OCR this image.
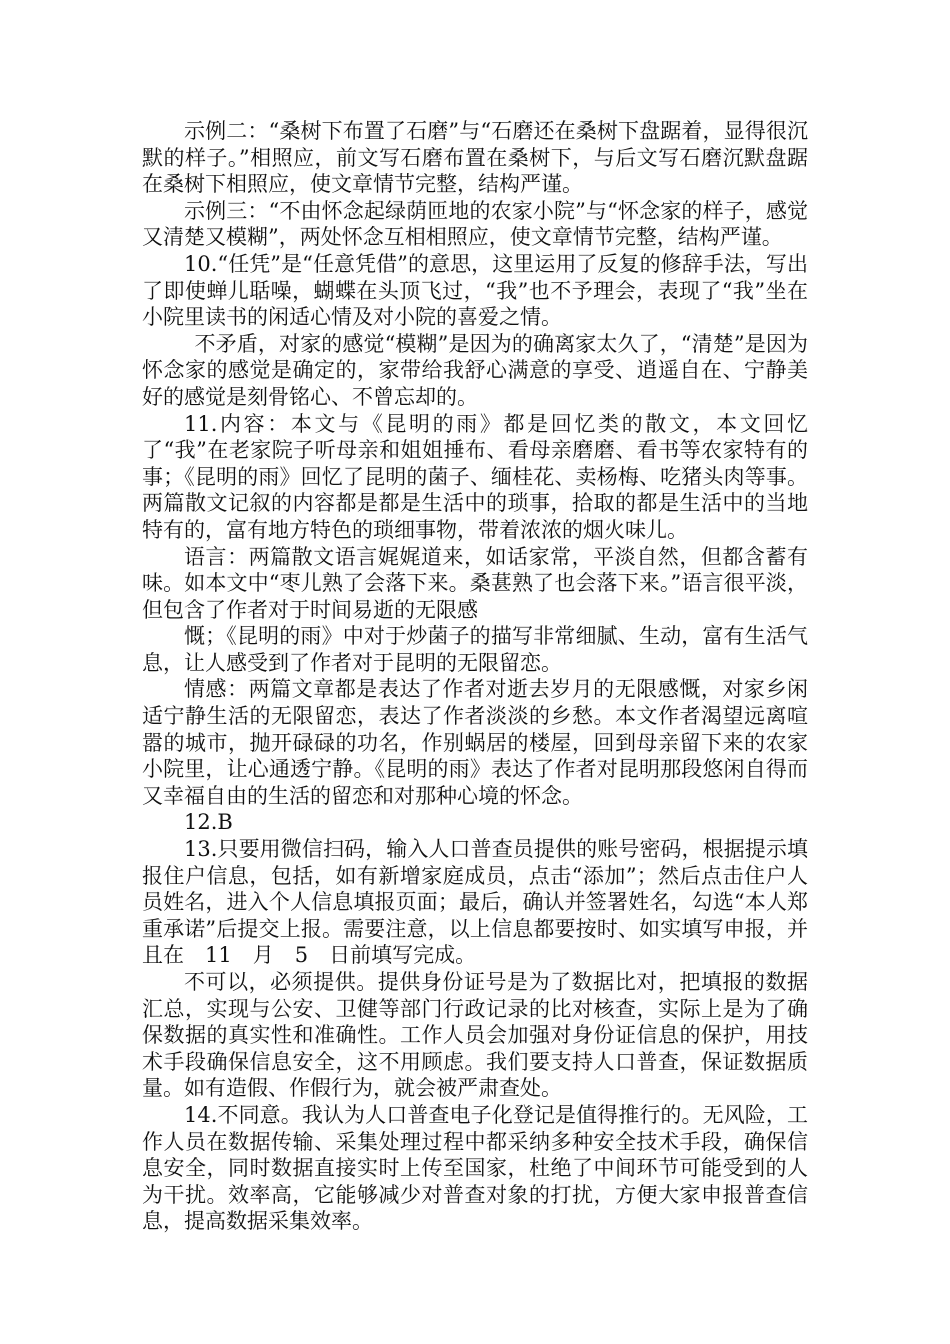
示例二：“桑树下布置了石磨”与“石磨还在桑树下盘踞着，显得很沉默的样子。”相照应，前文写石磨布置在桑树下，与后文写石磨沉默盘踞在桑树下相照应，使文章情节完整，结构严谨。

示例三：“不由怀念起绿荫匝地的农家小院”与“怀念家的样子，感觉又清楚又模糊”，两处怀念互相相照应，使文章情节完整，结构严谨。

10.“任凭”是“任意凭借”的意思，这里运用了反复的修辞手法，写出了即使蝉儿聒噪，蝴蝶在头顶飞过，“我”也不予理会，表现了“我”坐在小院里读书的闲适心情及对小院的喜爱之情。

不矛盾，对家的感觉“模糊”是因为的确离家太久了，“清楚”是因为怀念家的感觉是确定的，家带给我舒心满意的享受、逍遥自在、宁静美好的感觉是刻骨铭心、不曾忘却的。

11.内容：本文与《昆明的雨》都是回忆类的散文，本文回忆了“我”在老家院子听母亲和姐姐捶布、看母亲磨磨、看书等农家特有的事；《昆明的雨》回忆了昆明的菌子、缅桂花、卖杨梅、吃猪头肉等事。两篇散文记叙的内容都是都是生活中的琐事，拾取的都是生活中的当地特有的，富有地方特色的琐细事物，带着浓浓的烟火味儿。

语言：两篇散文语言娓娓道来，如话家常，平淡自然，但都含蓄有味。如本文中“枣儿熟了会落下来。桑葚熟了也会落下来。”语言很平淡，但包含了作者对于时间易逝的无限感

慨；《昆明的雨》中对于炒菌子的描写非常细腻、生动，富有生活气息，让人感受到了作者对于昆明的无限留恋。

情感：两篇文章都是表达了作者对逝去岁月的无限感慨，对家乡闲适宁静生活的无限留恋，表达了作者淡淡的乡愁。本文作者渴望远离喧嚣的城市，抛开碌碌的功名，作别蜗居的楼屋，回到母亲留下来的农家小院里，让心通透宁静。《昆明的雨》表达了作者对昆明那段悠闲自得而又幸福自由的生活的留恋和对那种心境的怀念。

12.B

13.只要用微信扫码，输入人口普查员提供的账号密码，根据提示填报住户信息，包括，如有新增家庭成员，点击“添加”；然后点击住户人员姓名，进入个人信息填报页面；最后，确认并签署姓名，勾选“本人郑重承诺”后提交上报。需要注意，以上信息都要按时、如实填写申报，并且在　11　月　5　日前填写完成。

不可以，必须提供。提供身份证号是为了数据比对，把填报的数据汇总，实现与公安、卫健等部门行政记录的比对核查，实际上是为了确保数据的真实性和准确性。工作人员会加强对身份证信息的保护，用技术手段确保信息安全，这不用顾虑。我们要支持人口普查，保证数据质量。如有造假、作假行为，就会被严肃查处。

14.不同意。我认为人口普查电子化登记是值得推行的。无风险，工作人员在数据传输、采集处理过程中都采纳多种安全技术手段，确保信息安全，同时数据直接实时上传至国家，杜绝了中间环节可能受到的人为干扰。效率高，它能够减少对普查对象的打扰，方便大家申报普查信息，提高数据采集效率。
